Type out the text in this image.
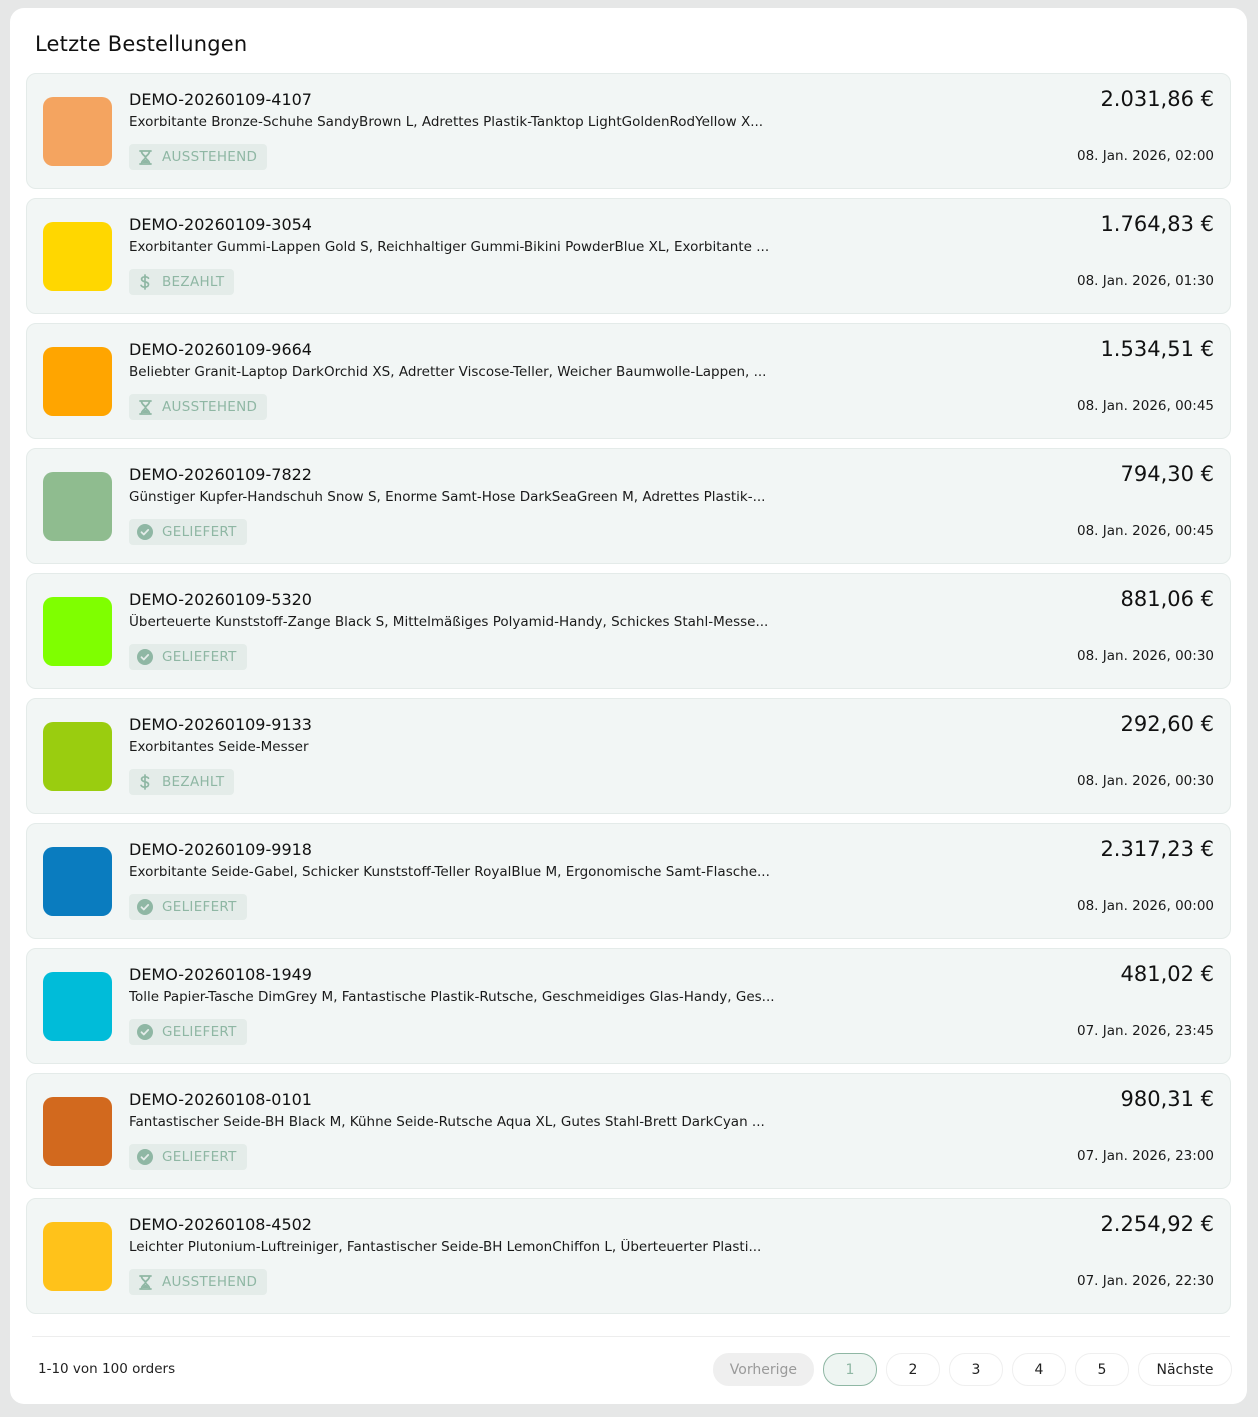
Letzte Bestellungen
DEMO-20260109-4107
Exorbitante Bronze-Schuhe SandyBrown L, Adrettes Plastik-Tanktop LightGoldenRodYellow X...
AUSSTEHEND
2.031,86 €
08. Jan. 2026, 02:00
DEMO-20260109-3054
Exorbitanter Gummi-Lappen Gold S, Reichhaltiger Gummi-Bikini PowderBlue XL, Exorbitante ...
BEZAHLT
1.764,83 €
08. Jan. 2026, 01:30
DEMO-20260109-9664
Beliebter Granit-Laptop DarkOrchid XS, Adretter Viscose-Teller, Weicher Baumwolle-Lappen, ...
AUSSTEHEND
1.534,51 €
08. Jan. 2026, 00:45
DEMO-20260109-7822
Günstiger Kupfer-Handschuh Snow S, Enorme Samt-Hose DarkSeaGreen M, Adrettes Plastik-...
GELIEFERT
794,30 €
08. Jan. 2026, 00:45
DEMO-20260109-5320
Überteuerte Kunststoff-Zange Black S, Mittelmäßiges Polyamid-Handy, Schickes Stahl-Messe...
GELIEFERT
881,06 €
08. Jan. 2026, 00:30
DEMO-20260109-9133
Exorbitantes Seide-Messer
BEZAHLT
292,60 €
08. Jan. 2026, 00:30
DEMO-20260109-9918
Exorbitante Seide-Gabel, Schicker Kunststoff-Teller RoyalBlue M, Ergonomische Samt-Flasche...
GELIEFERT
2.317,23 €
08. Jan. 2026, 00:00
DEMO-20260108-1949
Tolle Papier-Tasche DimGrey M, Fantastische Plastik-Rutsche, Geschmeidiges Glas-Handy, Ges...
GELIEFERT
481,02 €
07. Jan. 2026, 23:45
DEMO-20260108-0101
Fantastischer Seide-BH Black M, Kühne Seide-Rutsche Aqua XL, Gutes Stahl-Brett DarkCyan ...
GELIEFERT
980,31 €
07. Jan. 2026, 23:00
DEMO-20260108-4502
Leichter Plutonium-Luftreiniger, Fantastischer Seide-BH LemonChiffon L, Überteuerter Plasti...
AUSSTEHEND
2.254,92 €
07. Jan. 2026, 22:30
1-10 von 100 orders	Vorherige	1	2	3	4	5	Nächste
